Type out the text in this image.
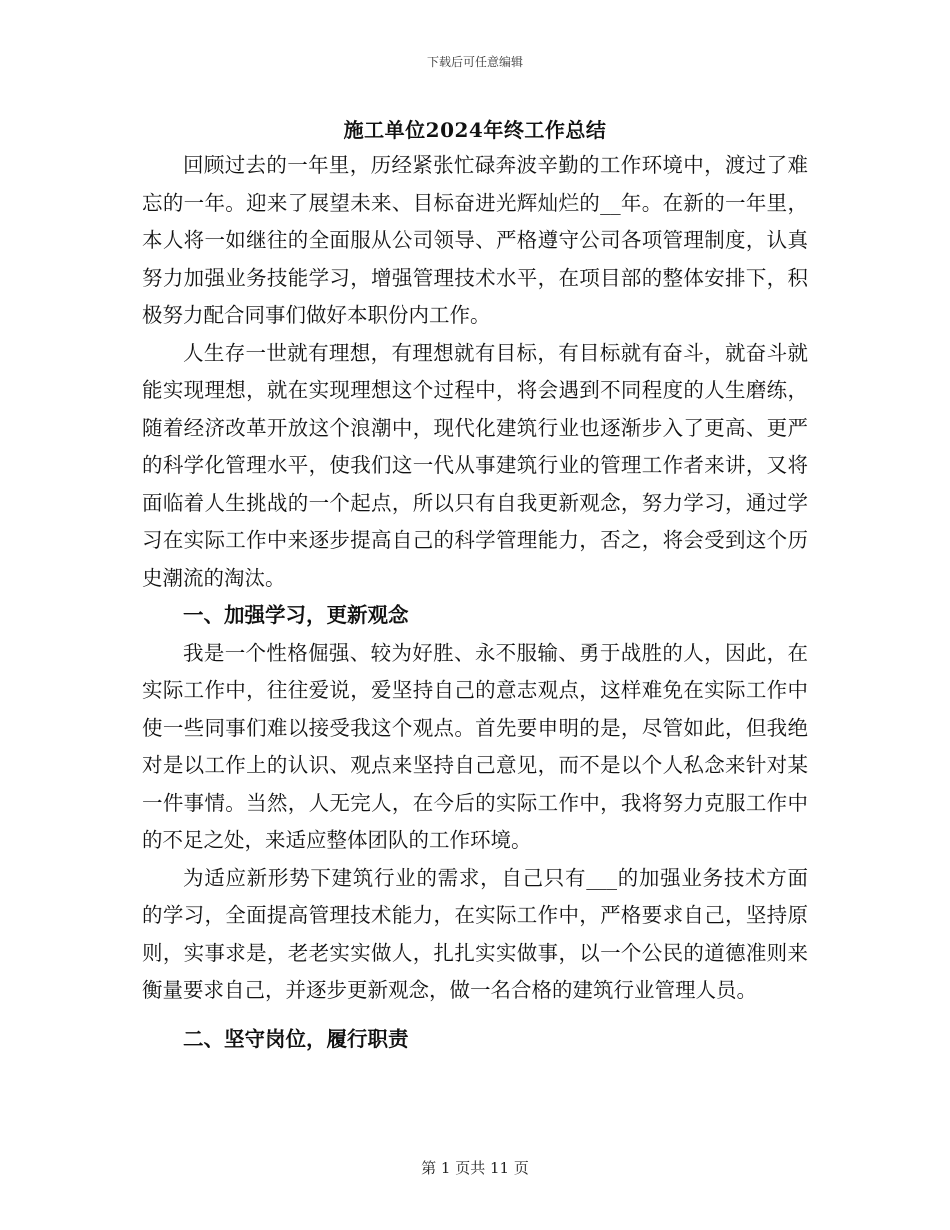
下载后可任意编辑
施工单位2024年终工作总结

回顾过去的一年里，历经紧张忙碌奔波辛勤的工作环境中，渡过了难忘的一年。迎来了展望未来、目标奋进光辉灿烂的__年。在新的一年里，本人将一如继往的全面服从公司领导、严格遵守公司各项管理制度，认真努力加强业务技能学习，增强管理技术水平，在项目部的整体安排下，积极努力配合同事们做好本职份内工作。

人生存一世就有理想，有理想就有目标，有目标就有奋斗，就奋斗就能实现理想，就在实现理想这个过程中，将会遇到不同程度的人生磨练，随着经济改革开放这个浪潮中，现代化建筑行业也逐渐步入了更高、更严的科学化管理水平，使我们这一代从事建筑行业的管理工作者来讲，又将面临着人生挑战的一个起点，所以只有自我更新观念，努力学习，通过学习在实际工作中来逐步提高自己的科学管理能力，否之，将会受到这个历史潮流的淘汰。

一、加强学习，更新观念

我是一个性格倔强、较为好胜、永不服输、勇于战胜的人，因此，在实际工作中，往往爱说，爱坚持自己的意志观点，这样难免在实际工作中使一些同事们难以接受我这个观点。首先要申明的是，尽管如此，但我绝对是以工作上的认识、观点来坚持自己意见，而不是以个人私念来针对某一件事情。当然，人无完人，在今后的实际工作中，我将努力克服工作中的不足之处，来适应整体团队的工作环境。

为适应新形势下建筑行业的需求，自己只有___的加强业务技术方面的学习，全面提高管理技术能力，在实际工作中，严格要求自己，坚持原则，实事求是，老老实实做人，扎扎实实做事，以一个公民的道德准则来衡量要求自己，并逐步更新观念，做一名合格的建筑行业管理人员。

二、坚守岗位，履行职责
第 1 页共 11 页
